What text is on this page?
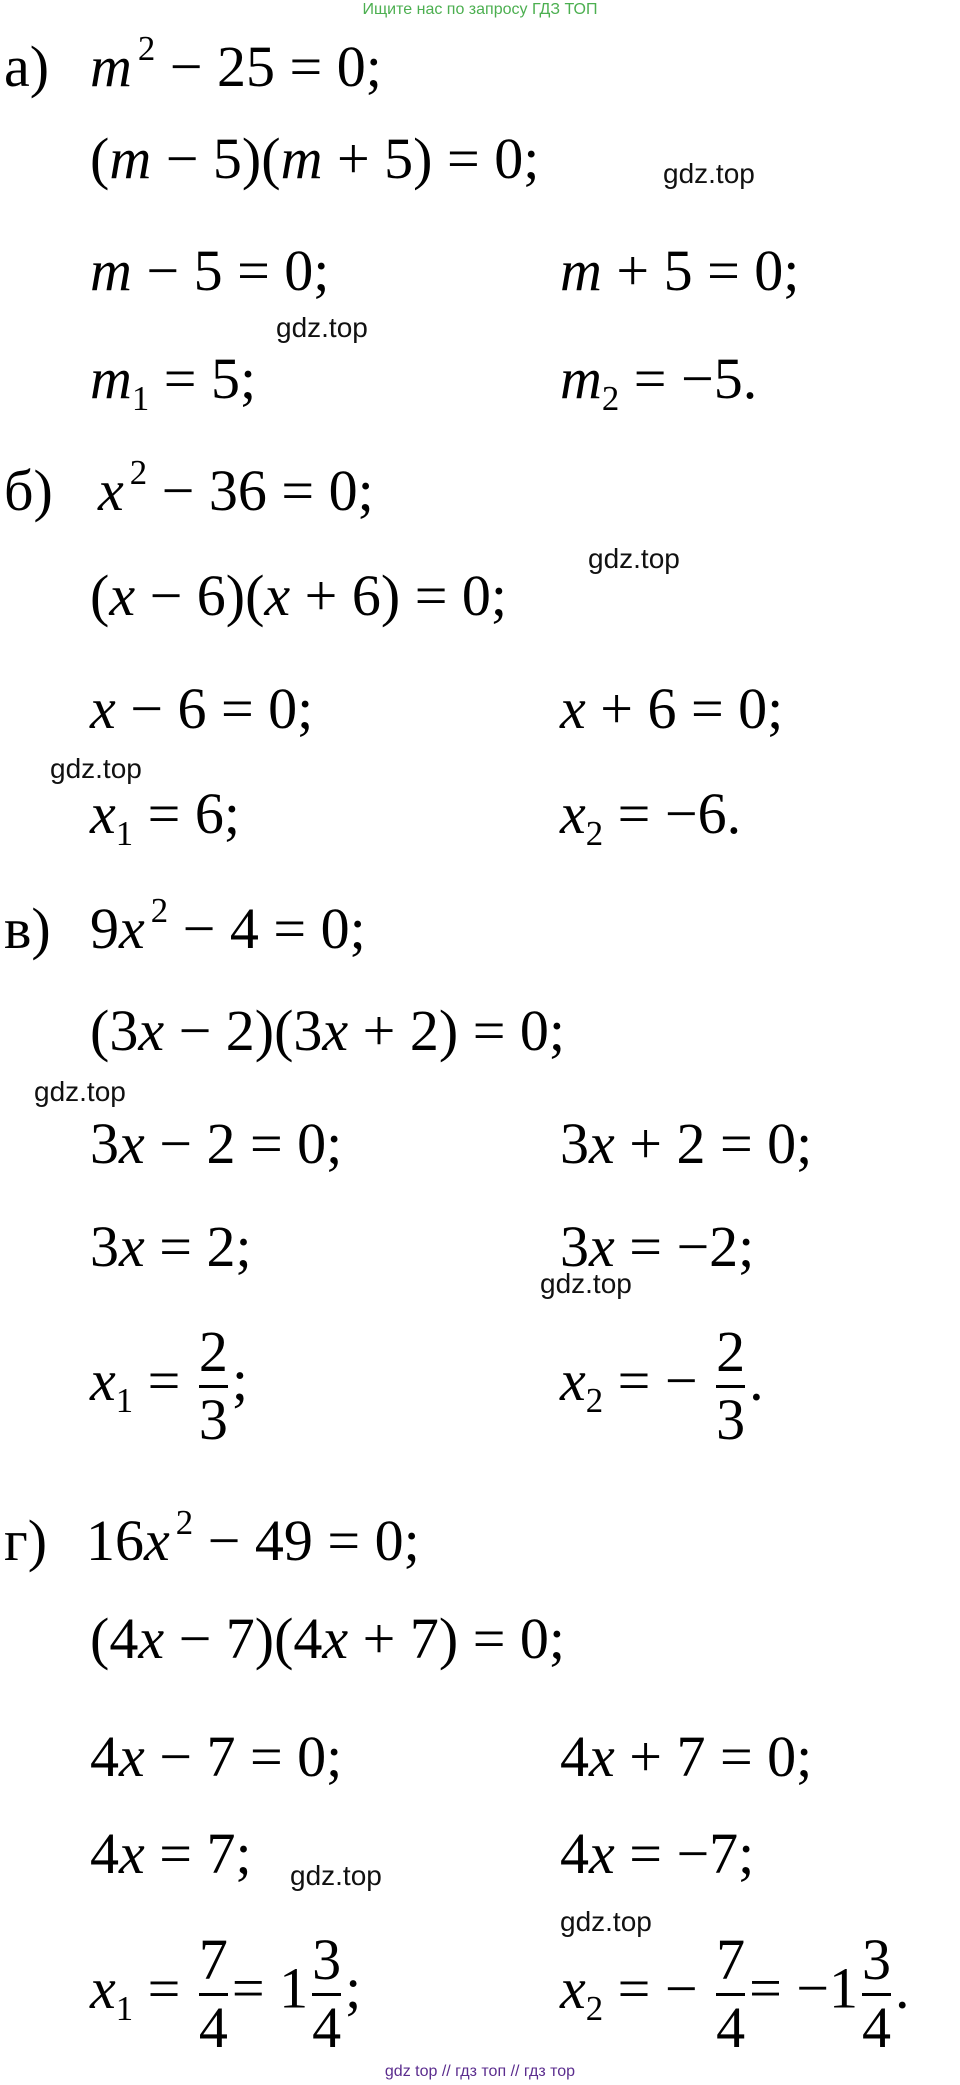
Ищите нас по запросу ГДЗ ТОП
а) m $^2$ − 25 = 0;
(m − 5)(m + 5) = 0;
m − 5 = 0;	m + 5 = 0;
$m_1 = 5$;	$m_2 = -5$.
б) x $^2$ − 36 = 0;
(x − 6)(x + 6) = 0;
x − 6 = 0;	x + 6 = 0;
$x_1 = 6$;	$x_2 = -6$.
в) 9x $^2$ − 4 = 0;
(3x − 2)(3x + 2) = 0;
3x − 2 = 0;	3x + 2 = 0;
3x = 2;	3x = −2;
$x_1 = \frac{2}{3}$ ;	$x_2$ = − $\frac{2}{3}$ .
г) 16x $^2$ − 49 = 0;
(4x − 7)(4x + 7) = 0;
4x − 7 = 0;	4x + 7 = 0;
4x = 7;	4x = −7;
$x_1 = \frac{7}{4} = 1 \frac{3}{4}$ ;	$x_2$ = − $\frac{7}{4} = -1 \frac{3}{4}$ .
gdz.top
gdz.top
gdz.top
gdz.top
gdz.top
gdz.top
gdz.top
gdz.top
gdz top // гдз топ // гдз тор
